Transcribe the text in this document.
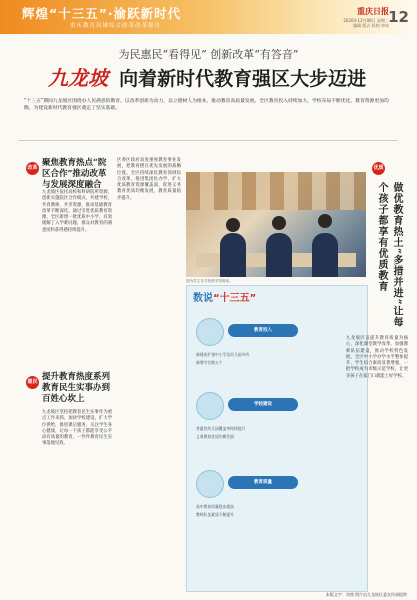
辉煌“十三五”·渝跃新时代
重庆教育局域综合改革改革报告
重庆日报
2020年12月08日 星期二
编辑 版式 检校 审读 12
为民惠民“看得见” 创新改革“有答音”
九龙坡 向着新时代教育强区大步迈进
“十三五”期间九龙坡区围绕办人民满意的教育，以改革创新为动力，以立德树人为根本，推动教育高质量发展。全区教育投入持续加大，学校布局不断优化，教育资源更加均衡，为建设新时代教育强区奠定了坚实基础。
改革 聚焦教育热点“院区合作”推动改革与发展深度融合
九龙坡区依托高校和科研院所资源，创新实施院区合作模式，共建学校、共育教师、共享资源，推动基础教育改革不断深化。通过引进优质教育资源，全区新增一批优质中小学，有效缓解了入学难问题，群众对教育的满意度和获得感持续提升。
惠民 提升教育热度系列教育民生实事办到百姓心坎上
九龙坡区坚持把教育民生实事作为重点工作来抓，加快学校建设，扩大学位供给，推进课后服务，关注学生身心健康，让每一个孩子都能享受公平而有质量的教育，一件件教育民生实事落地见效。
区委区政府高度重视教育事业发展，把教育摆在优先发展的战略位置。全区持续深化教育领域综合改革，推进集团化办学，扩大优质教育资源覆盖面，促进义务教育优质均衡发展，教育质量稳步提升。
图为学生在学校图书馆阅读。
数说“十三五”
教育投入
新建改扩建中小学及幼儿园多所
新增学位数万个
学校建设
普惠性幼儿园覆盖率持续提升
义务教育优质均衡发展
教育质量
高中教育质量稳步提高
教师队伍素质不断提升
优质
做优教育热土“多措并进”让每个孩子都享有优质教育
九龙坡区以提升教育质量为核心，深化课堂教学改革，加强教师队伍建设，推动学校特色发展，全区中小学办学水平整体提升，学生综合素质显著增强，一批学校成为市级示范学校，让更多孩子在家门口就能上好学校。
本版文字：刘茜 图片由九龙坡区委宣传部提供
